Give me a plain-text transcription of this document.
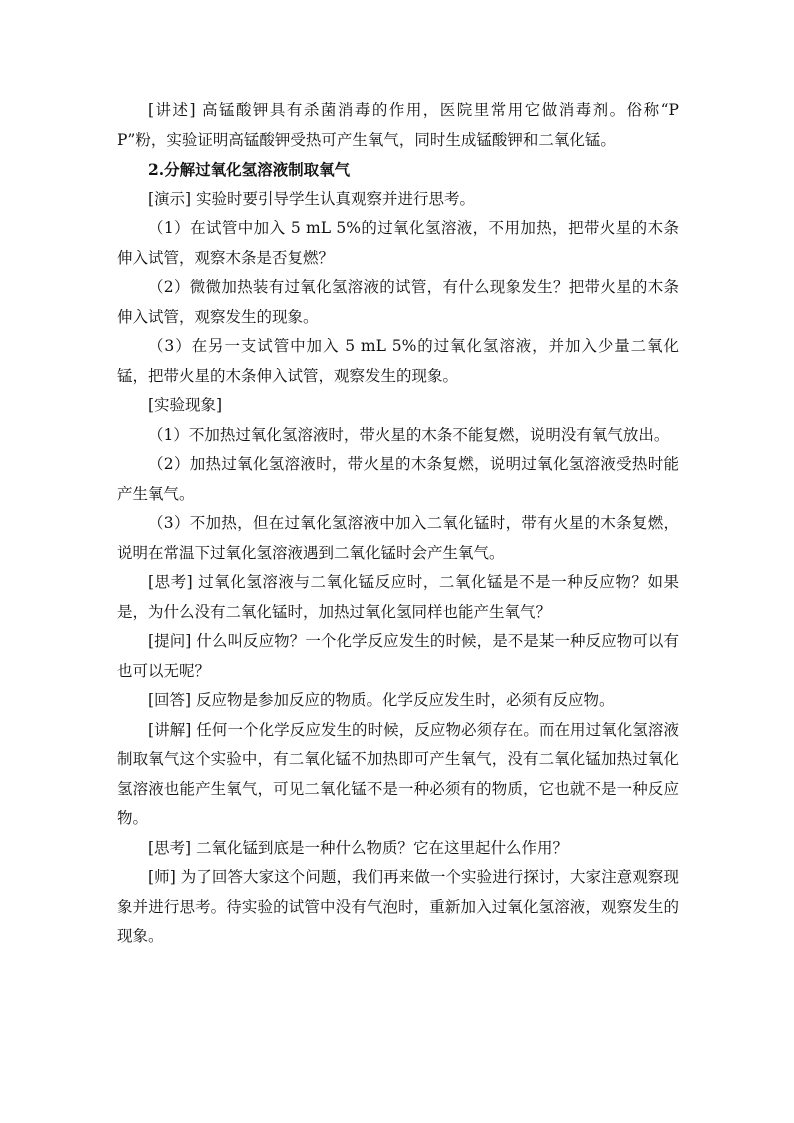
[讲述] 高锰酸钾具有杀菌消毒的作用，医院里常用它做消毒剂。俗称“PP”粉，实验证明高锰酸钾受热可产生氧气，同时生成锰酸钾和二氧化锰。

2.分解过氧化氢溶液制取氧气

[演示] 实验时要引导学生认真观察并进行思考。

（1）在试管中加入 5 mL 5%的过氧化氢溶液，不用加热，把带火星的木条伸入试管，观察木条是否复燃？

（2）微微加热装有过氧化氢溶液的试管，有什么现象发生？把带火星的木条伸入试管，观察发生的现象。

（3）在另一支试管中加入 5 mL 5%的过氧化氢溶液，并加入少量二氧化锰，把带火星的木条伸入试管，观察发生的现象。

[实验现象]

（1）不加热过氧化氢溶液时，带火星的木条不能复燃，说明没有氧气放出。

（2）加热过氧化氢溶液时，带火星的木条复燃，说明过氧化氢溶液受热时能产生氧气。

（3）不加热，但在过氧化氢溶液中加入二氧化锰时，带有火星的木条复燃，说明在常温下过氧化氢溶液遇到二氧化锰时会产生氧气。

[思考] 过氧化氢溶液与二氧化锰反应时，二氧化锰是不是一种反应物？如果是，为什么没有二氧化锰时，加热过氧化氢同样也能产生氧气？

[提问] 什么叫反应物？一个化学反应发生的时候，是不是某一种反应物可以有也可以无呢？

[回答] 反应物是参加反应的物质。化学反应发生时，必须有反应物。

[讲解] 任何一个化学反应发生的时候，反应物必须存在。而在用过氧化氢溶液制取氧气这个实验中，有二氧化锰不加热即可产生氧气，没有二氧化锰加热过氧化氢溶液也能产生氧气，可见二氧化锰不是一种必须有的物质，它也就不是一种反应物。

[思考] 二氧化锰到底是一种什么物质？它在这里起什么作用？

[师] 为了回答大家这个问题，我们再来做一个实验进行探讨，大家注意观察现象并进行思考。待实验的试管中没有气泡时，重新加入过氧化氢溶液，观察发生的现象。
